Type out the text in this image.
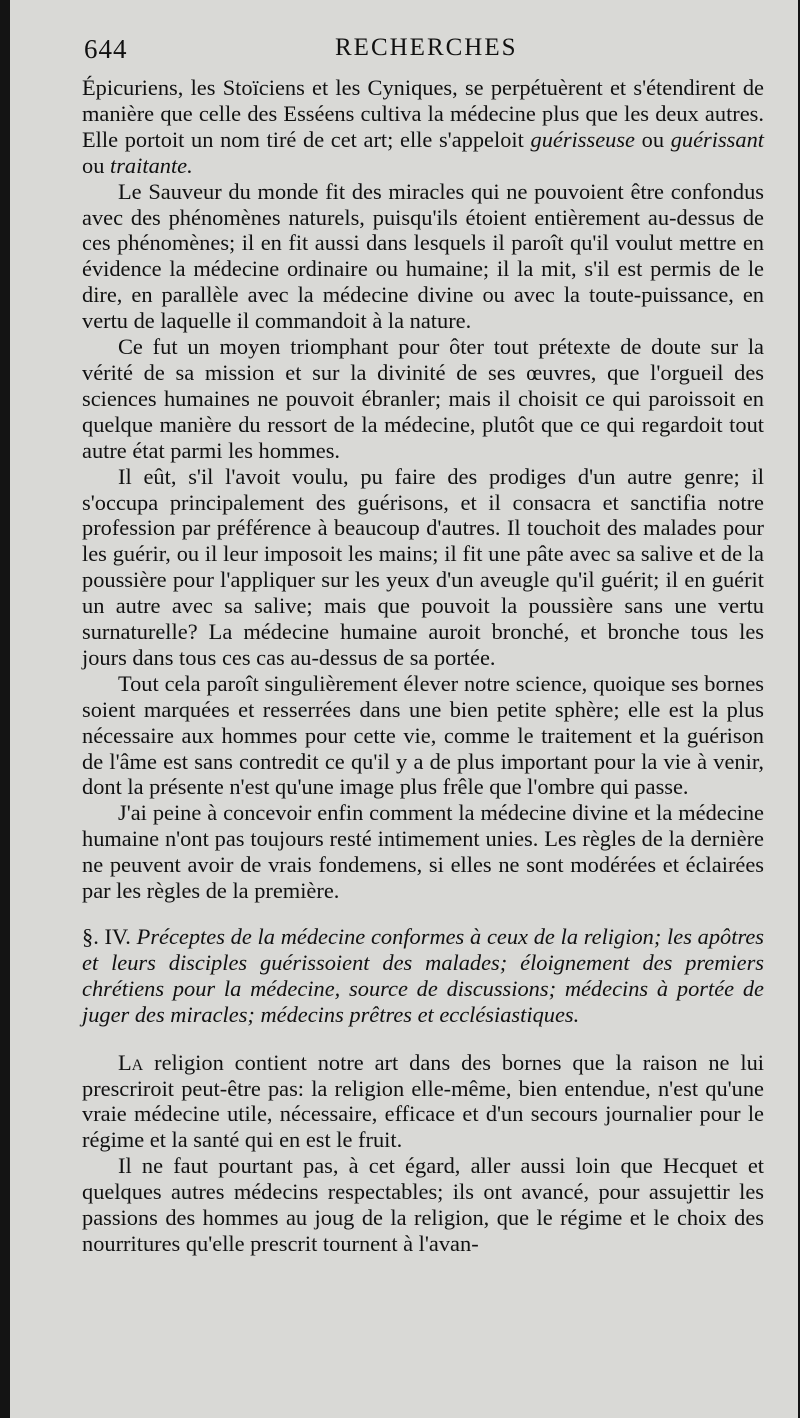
644	RECHERCHES

Épicuriens, les Stoïciens et les Cyniques, se perpétuèrent et s'étendirent de manière que celle des Esséens cultiva la médecine plus que les deux autres. Elle portoit un nom tiré de cet art; elle s'appeloit guérisseuse ou guérissant ou traitante.

Le Sauveur du monde fit des miracles qui ne pouvoient être confondus avec des phénomènes naturels, puisqu'ils étoient entièrement au-dessus de ces phénomènes; il en fit aussi dans lesquels il paroît qu'il voulut mettre en évidence la médecine ordinaire ou humaine; il la mit, s'il est permis de le dire, en parallèle avec la médecine divine ou avec la toute-puissance, en vertu de laquelle il commandoit à la nature.

Ce fut un moyen triomphant pour ôter tout prétexte de doute sur la vérité de sa mission et sur la divinité de ses œuvres, que l'orgueil des sciences humaines ne pouvoit ébranler; mais il choisit ce qui paroissoit en quelque manière du ressort de la médecine, plutôt que ce qui regardoit tout autre état parmi les hommes.

Il eût, s'il l'avoit voulu, pu faire des prodiges d'un autre genre; il s'occupa principalement des guérisons, et il consacra et sanctifia notre profession par préférence à beaucoup d'autres. Il touchoit des malades pour les guérir, ou il leur imposoit les mains; il fit une pâte avec sa salive et de la poussière pour l'appliquer sur les yeux d'un aveugle qu'il guérit; il en guérit un autre avec sa salive; mais que pouvoit la poussière sans une vertu surnaturelle? La médecine humaine auroit bronché, et bronche tous les jours dans tous ces cas au-dessus de sa portée.

Tout cela paroît singulièrement élever notre science, quoique ses bornes soient marquées et resserrées dans une bien petite sphère; elle est la plus nécessaire aux hommes pour cette vie, comme le traitement et la guérison de l'âme est sans contredit ce qu'il y a de plus important pour la vie à venir, dont la présente n'est qu'une image plus frêle que l'ombre qui passe.

J'ai peine à concevoir enfin comment la médecine divine et la médecine humaine n'ont pas toujours resté intimement unies. Les règles de la dernière ne peuvent avoir de vrais fondemens, si elles ne sont modérées et éclairées par les règles de la première.

§. IV. Préceptes de la médecine conformes à ceux de la religion; les apôtres et leurs disciples guérissoient des malades; éloignement des premiers chrétiens pour la médecine, source de discussions; médecins à portée de juger des miracles; médecins prêtres et ecclésiastiques.

La religion contient notre art dans des bornes que la raison ne lui prescriroit peut-être pas: la religion elle-même, bien entendue, n'est qu'une vraie médecine utile, nécessaire, efficace et d'un secours journalier pour le régime et la santé qui en est le fruit.

Il ne faut pourtant pas, à cet égard, aller aussi loin que Hecquet et quelques autres médecins respectables; ils ont avancé, pour assujettir les passions des hommes au joug de la religion, que le régime et le choix des nourritures qu'elle prescrit tournent à l'avan-
